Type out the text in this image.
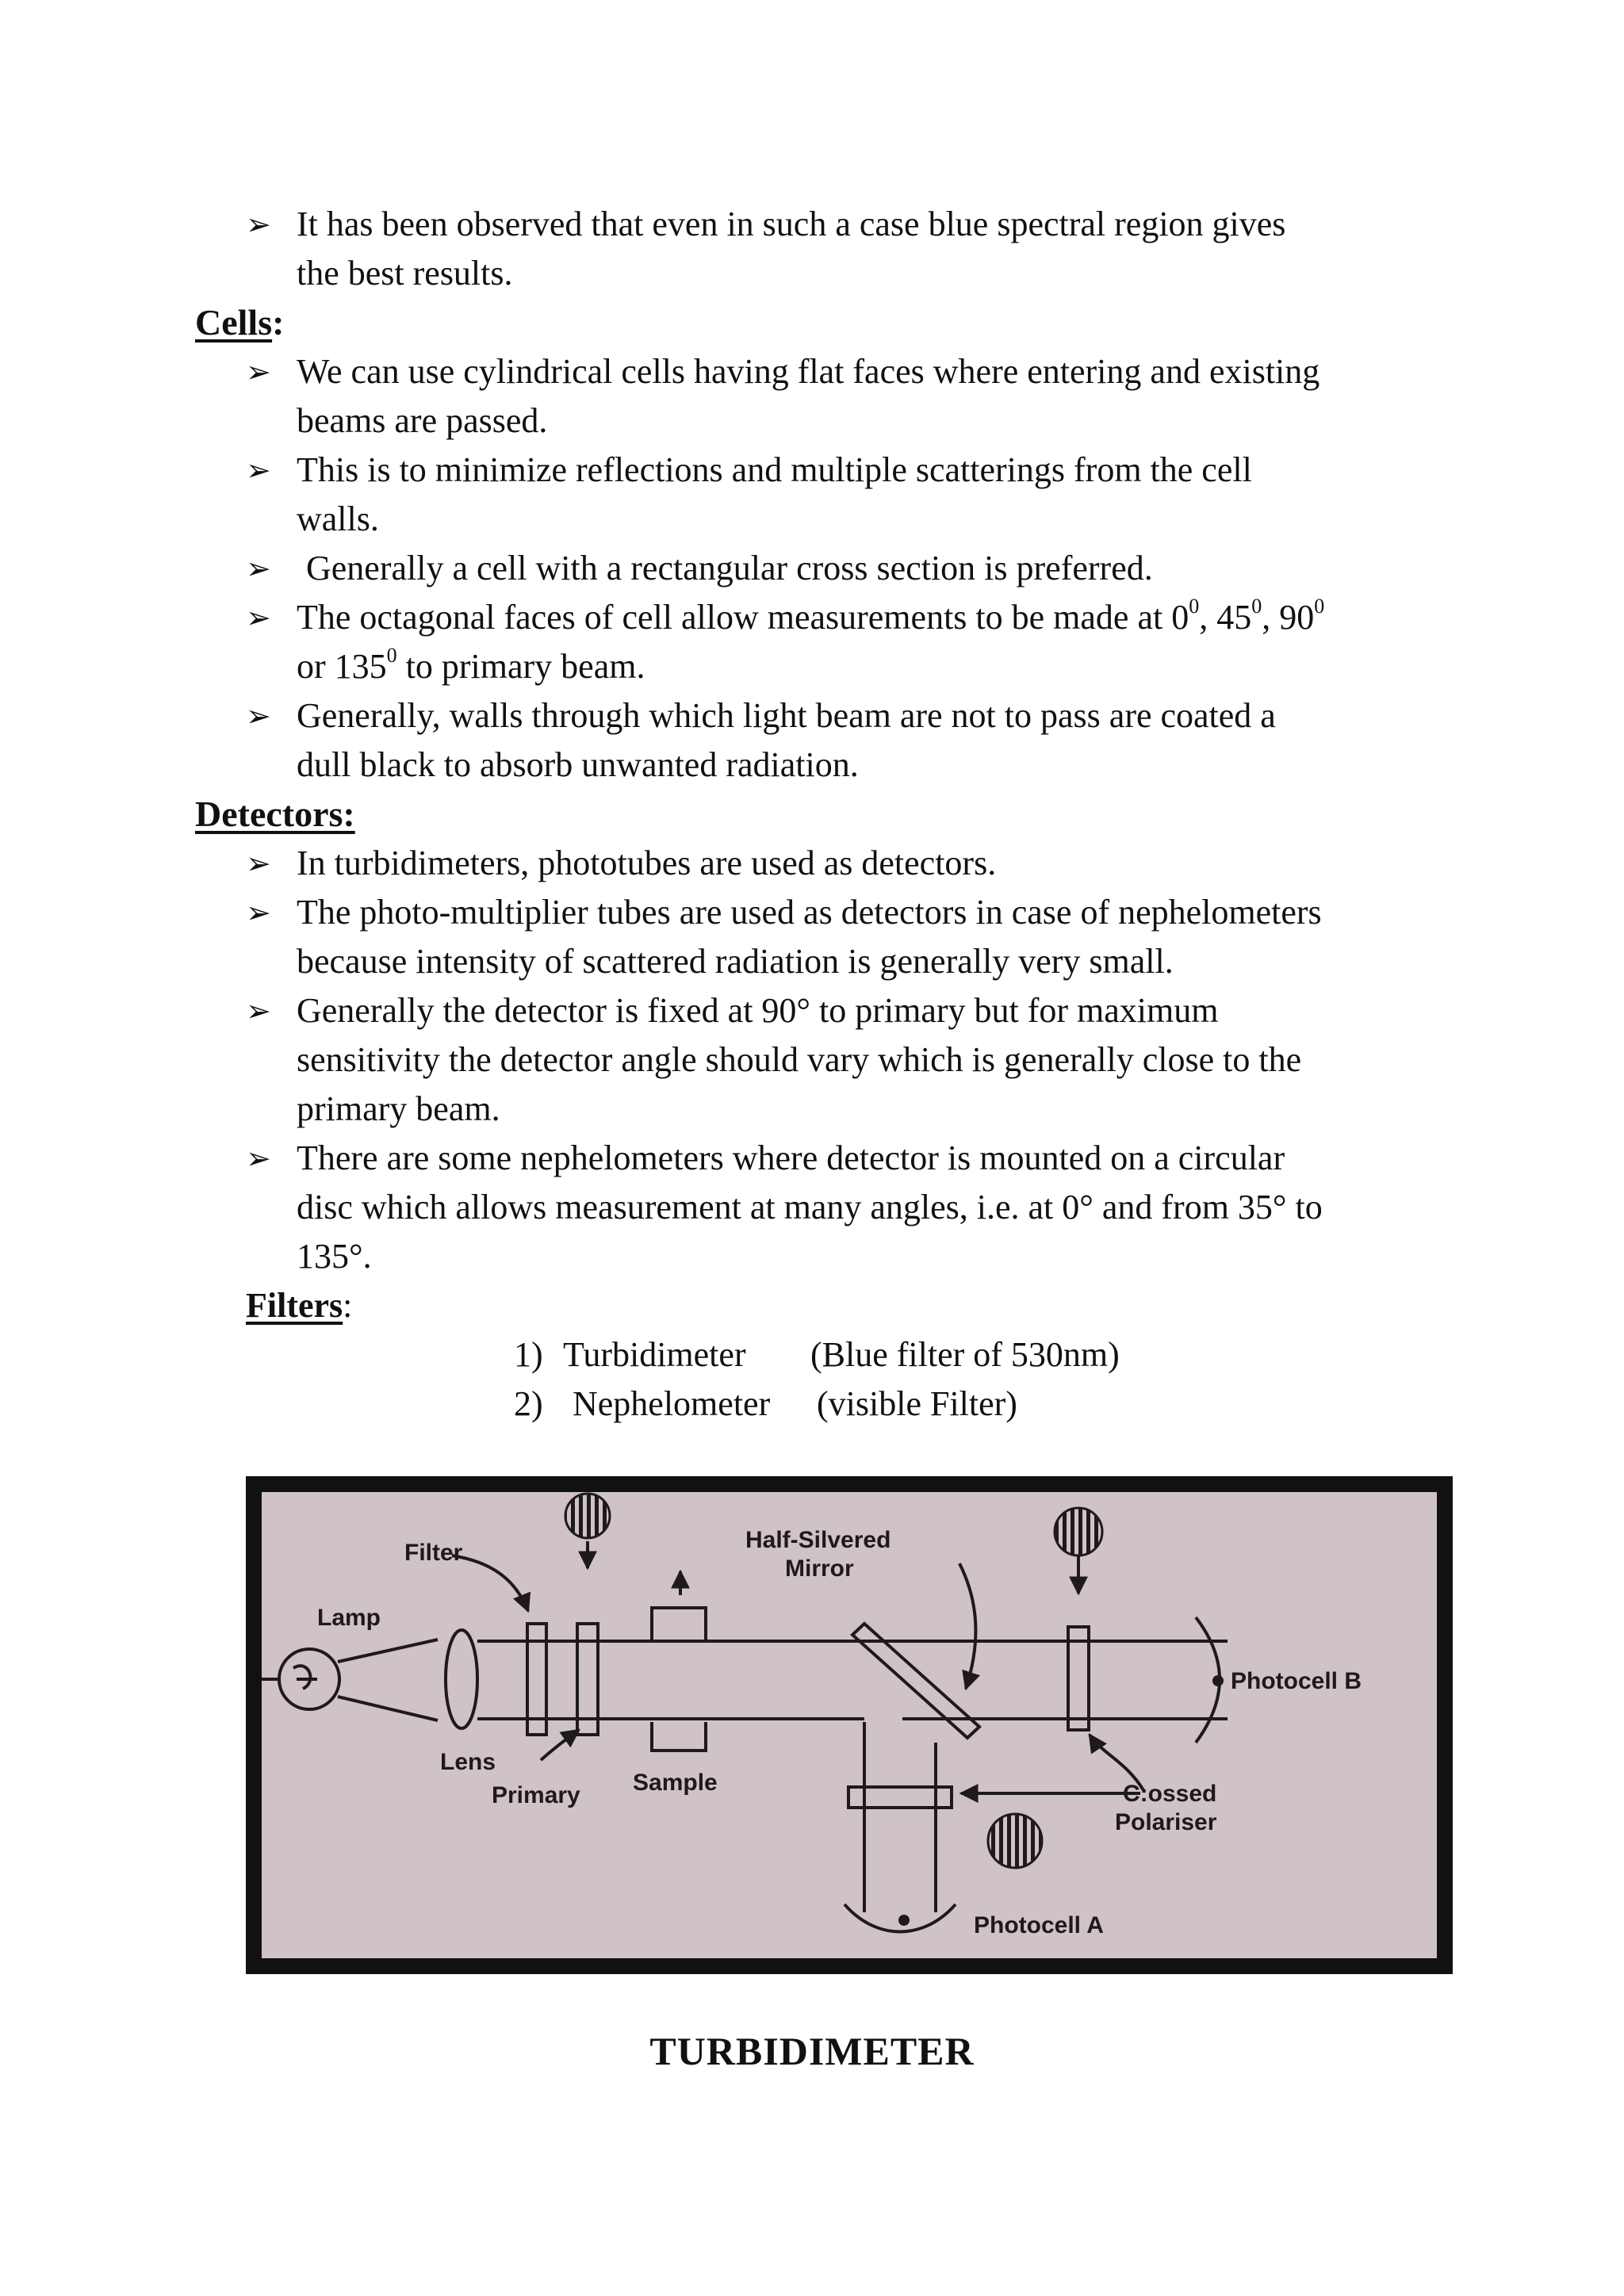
➢ It has been observed that even in such a case blue spectral region gives
the best results.
Cells:
➢ We can use cylindrical cells having flat faces where entering and existing
beams are passed.
➢ This is to minimize reflections and multiple scatterings from the cell
walls.
➢ Generally a cell with a rectangular cross section is preferred.
➢ The octagonal faces of cell allow measurements to be made at $0^0$, $45^0$, $90^0$
or $135^0$ to primary beam.
➢ Generally, walls through which light beam are not to pass are coated a
dull black to absorb unwanted radiation.
Detectors:
➢ In turbidimeters, phototubes are used as detectors.
➢ The photo-multiplier tubes are used as detectors in case of nephelometers
because intensity of scattered radiation is generally very small.
➢ Generally the detector is fixed at 90° to primary but for maximum
sensitivity the detector angle should vary which is generally close to the
primary beam.
➢ There are some nephelometers where detector is mounted on a circular
disc which allows measurement at many angles, i.e. at 0° and from 35° to
135°.
Filters:
1) Turbidimeter (Blue filter of 530nm)
2) Nephelometer (visible Filter)
Filter
Lamp
Lens
Primary Sample
Half-Silvered
Mirror
Photocell B
C:ossed
Polariser
Photocell A
TURBIDIMETER
